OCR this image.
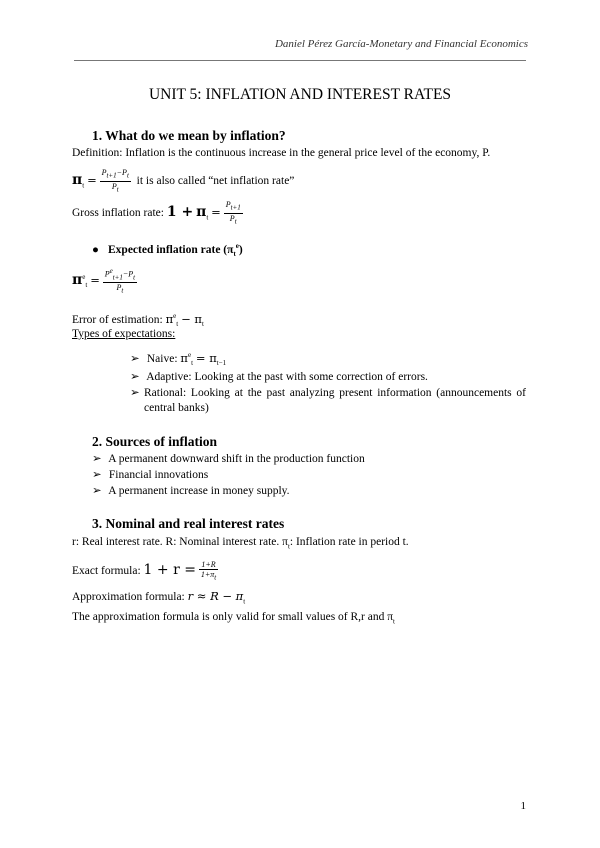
Daniel Pérez García-Monetary and Financial Economics
UNIT 5: INFLATION AND INTEREST RATES
1. What do we mean by inflation?
Definition: Inflation is the continuous increase in the general price level of the economy, P.
$\pi_t = \frac{P_{t+1}-P_t}{P_t}$ it is also called “net inflation rate”
Gross inflation rate: $1 + \pi_t = \frac{P_{t+1}}{P_t}$
● Expected inflation rate $(\pi_t^e)$
$\pi^e_t = \frac{P^e_{t+1}-P_t}{P_t}$
Error of estimation: $\pi^e_t - \pi_t$
Types of expectations:
➢ Naive: $\pi^e_t = \pi_{t-1}$
➢ Adaptive: Looking at the past with some correction of errors.
➢ Rational: Looking at the past analyzing present information (announcements of central banks)
2. Sources of inflation
➢ A permanent downward shift in the production function
➢ Financial innovations
➢ A permanent increase in money supply.
3. Nominal and real interest rates
r: Real interest rate. R: Nominal interest rate. $\pi_t$: Inflation rate in period t.
Exact formula: $1 + r = \frac{1+R}{1+\pi_t}$
Approximation formula: $r \approx R - \pi_t$
The approximation formula is only valid for small values of R,r and $\pi_t$
1
